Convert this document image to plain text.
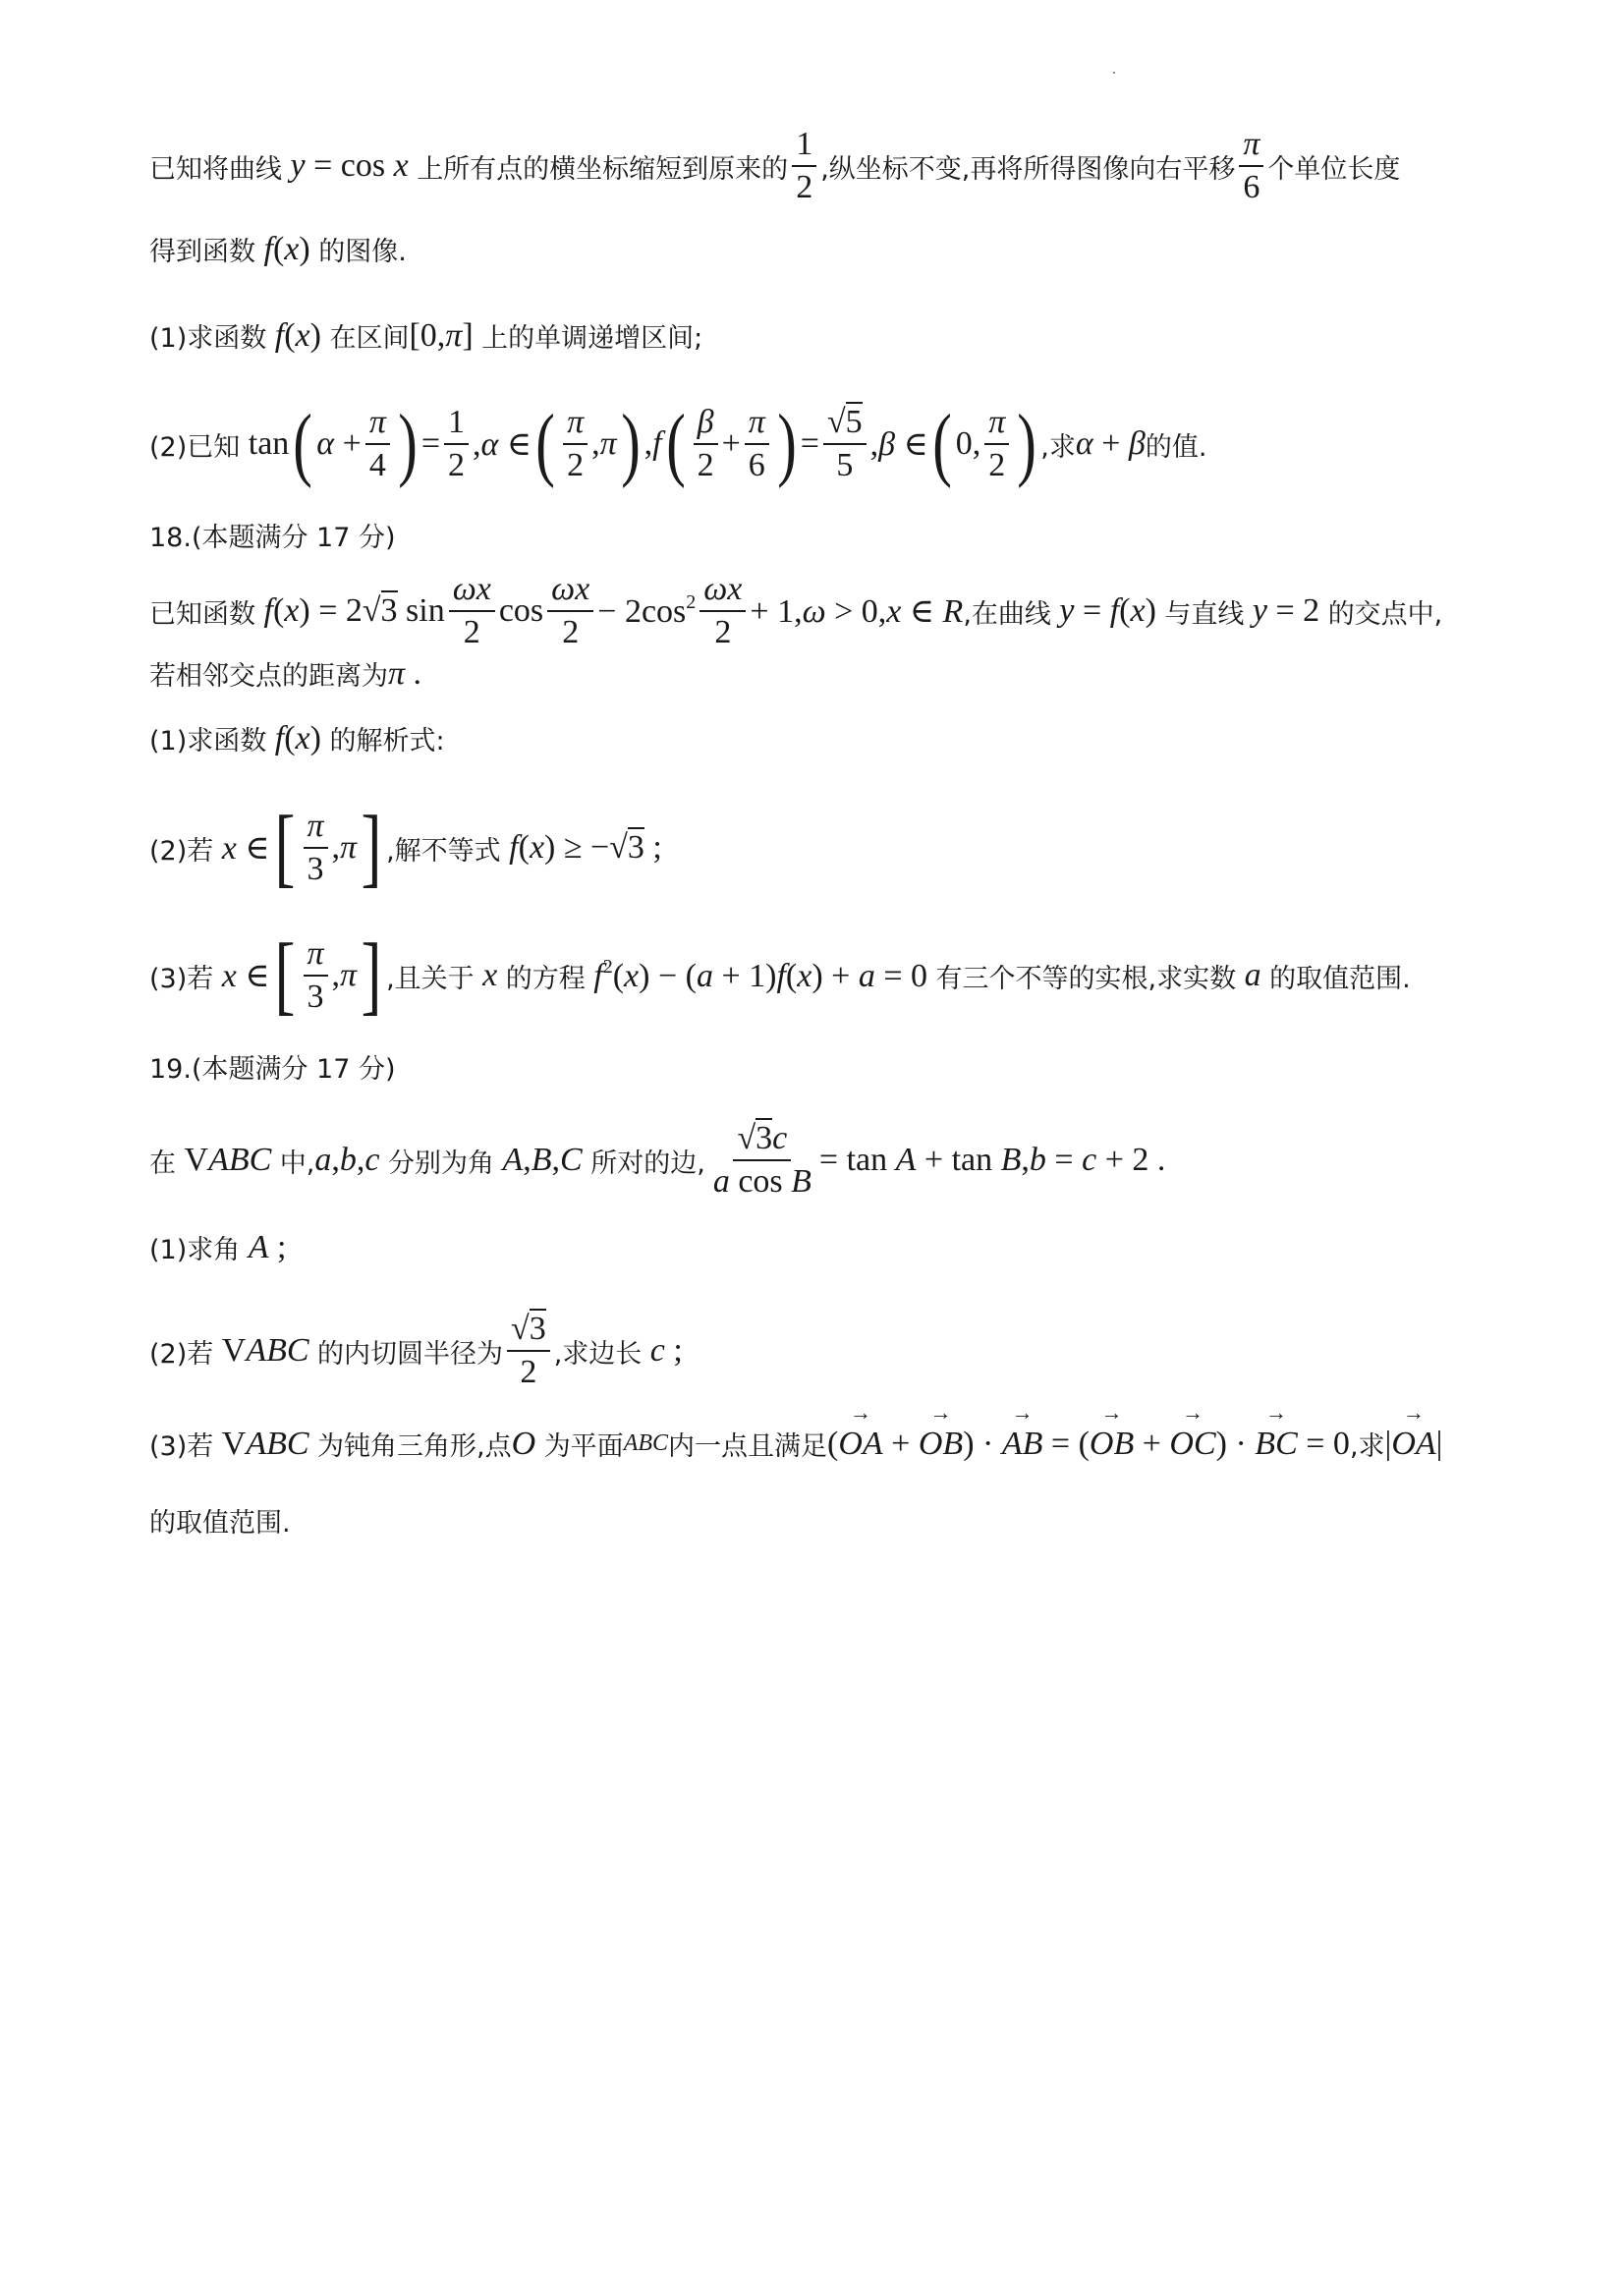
已知将曲线 y = cos x 上所有点的横坐标缩短到原来的 $\frac{1}{2}$ ,纵坐标不变,再将所得图像向右平移 $\frac{\pi}{6}$ 个单位长度
得到函数 f(x) 的图像.
(1)求函数 f(x) 在区间 [0,π] 上的单调递增区间;
(2)已知 tan ( $\alpha + \frac{\pi}{4}$ ) = $\frac{1}{2} ,\alpha$ ∈ ( $\frac{\pi}{2} ,\pi$ ) ,f ( $\frac{\beta}{2} + \frac{\pi}{6}$ ) = $\frac{√5}{5} ,\beta$ ∈ ( 0, $\frac{\pi}{2}$ ) ,求 α + β 的值.
18.(本题满分 17 分)
已知函数 f(x) = 2√3 $\sin \frac{\omega x}{2}$ $\cos \frac{\omega x}{2} - 2\cos^2 \frac{\omega x}{2} + 1,\omega > 0,x$ ∈ R ,在曲线 y = f(x) 与直线 y = 2 的交点中,
若相邻交点的距离为 π .
(1)求函数 f(x) 的解析式:
(2)若 x ∈ [ $\frac{\pi}{3} ,\pi$ ] ,解不等式 f(x) ≥ −√3 ;
(3)若 x ∈ [ $\frac{\pi}{3} ,\pi$ ] ,且关于 x 的方程 $f^2(x) - (a + 1)f(x) + a = 0$ 有三个不等的实根,求实数 a 的取值范围.
19.(本题满分 17 分)
在 VABC 中, a , b , c
分别为角 A , B , C 所对的边, $\frac{√3c}{\text{a cos B}} = \tan A + \tan B,b = c + 2$ .
(1)求角 A ;
(2)若 VABC 的内切圆半径为 $\frac{√3}{2}$ ,求边长 c ;
(3)若 VABC 为钝角三角形,点 O 为平面 ABC 内一点且满足 (→ OA + → OB) · → AB = (→ OB + → OC) · → BC = 0 ,求 |→ OA|
的取值范围.
